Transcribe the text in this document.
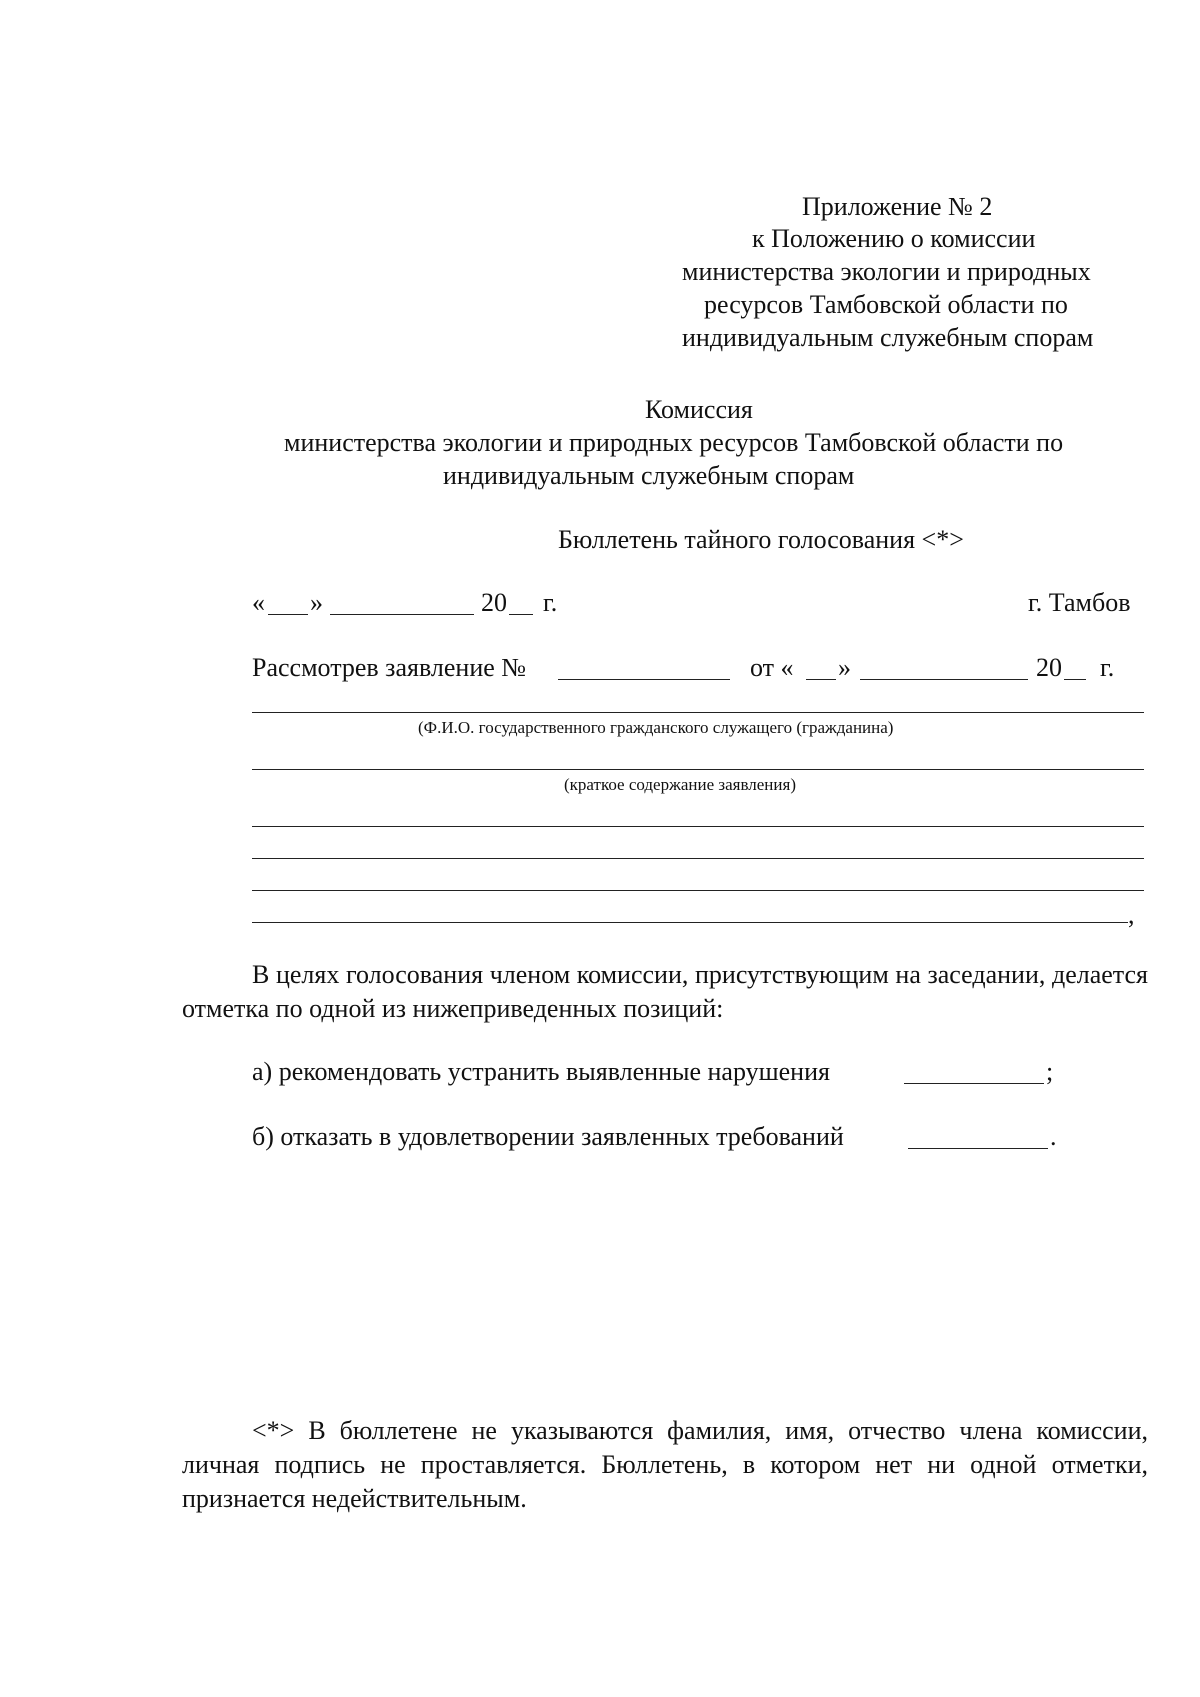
Приложение № 2
к Положению о комиссии
министерства экологии и природных
ресурсов Тамбовской области по
индивидуальным служебным спорам
Комиссия
министерства экологии и природных ресурсов Тамбовской области по
индивидуальным служебным спорам
Бюллетень тайного голосования <*>
« »	20 г.	г. Тамбов
Рассмотрев заявление №	от « »	20 г.
(Ф.И.О. государственного гражданского служащего (гражданина)
(краткое содержание заявления)
,
В целях голосования членом комиссии, присутствующим на заседании, делается отметка по одной из нижеприведенных позиций:
а) рекомендовать устранить выявленные нарушения	;
б) отказать в удовлетворении заявленных требований	.
<*> В бюллетене не указываются фамилия, имя, отчество члена комиссии, личная подпись не проставляется. Бюллетень, в котором нет ни одной отметки, признается недействительным.
